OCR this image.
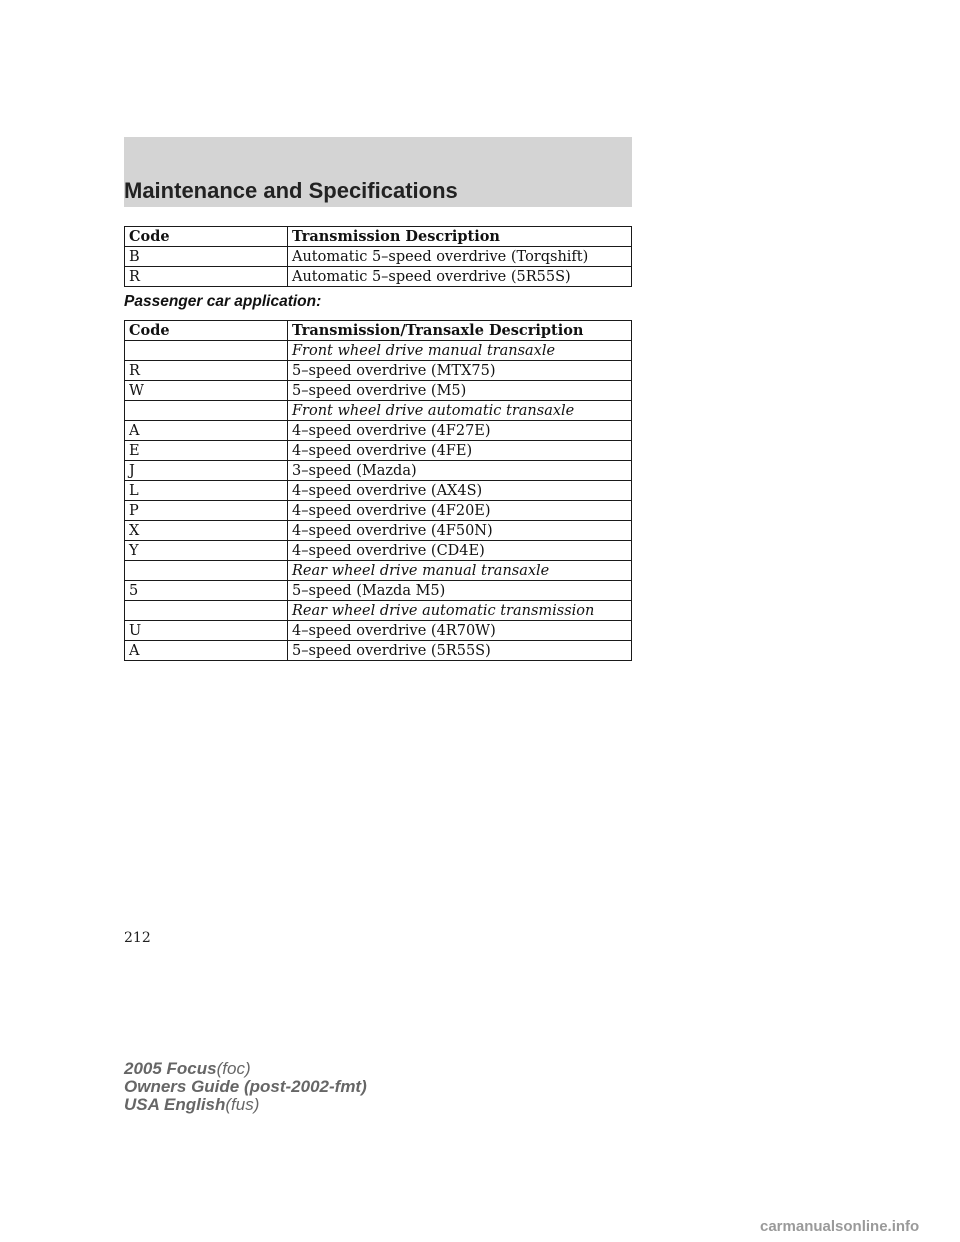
Maintenance and Specifications
Code	Transmission Description
B	Automatic 5–speed overdrive (Torqshift)
R	Automatic 5–speed overdrive (5R55S)

Passenger car application:

Code	Transmission/Transaxle Description
	Front wheel drive manual transaxle
R	5–speed overdrive (MTX75)
W	5–speed overdrive (M5)
	Front wheel drive automatic transaxle
A	4–speed overdrive (4F27E)
E	4–speed overdrive (4FE)
J	3–speed (Mazda)
L	4–speed overdrive (AX4S)
P	4–speed overdrive (4F20E)
X	4–speed overdrive (4F50N)
Y	4–speed overdrive (CD4E)
	Rear wheel drive manual transaxle
5	5–speed (Mazda M5)
	Rear wheel drive automatic transmission
U	4–speed overdrive (4R70W)
A	5–speed overdrive (5R55S)
212
2005 Focus(foc)
Owners Guide (post-2002-fmt)
USA English(fus)
carmanualsonline.info
